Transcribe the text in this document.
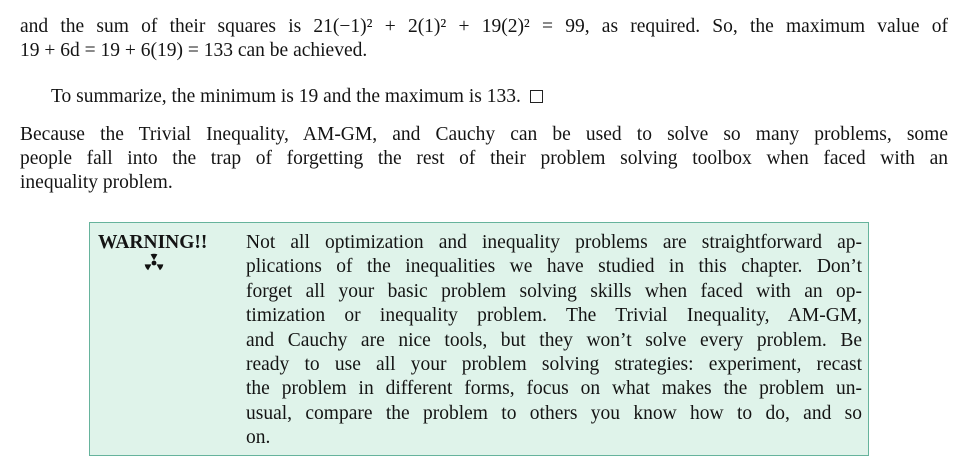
and the sum of their squares is 21(−1)² + 2(1)² + 19(2)² = 99, as required. So, the maximum value of
19 + 6d = 19 + 6(19) = 133 can be achieved.

To summarize, the minimum is 19 and the maximum is 133.

Because the Trivial Inequality, AM-GM, and Cauchy can be used to solve so many problems, some
people fall into the trap of forgetting the rest of their problem solving toolbox when faced with an
inequality problem.

WARNING!! Not all optimization and inequality problems are straightforward ap-
plications of the inequalities we have studied in this chapter. Don’t
forget all your basic problem solving skills when faced with an op-
timization or inequality problem. The Trivial Inequality, AM-GM,
and Cauchy are nice tools, but they won’t solve every problem. Be
ready to use all your problem solving strategies: experiment, recast
the problem in different forms, focus on what makes the problem un-
usual, compare the problem to others you know how to do, and so
on.
